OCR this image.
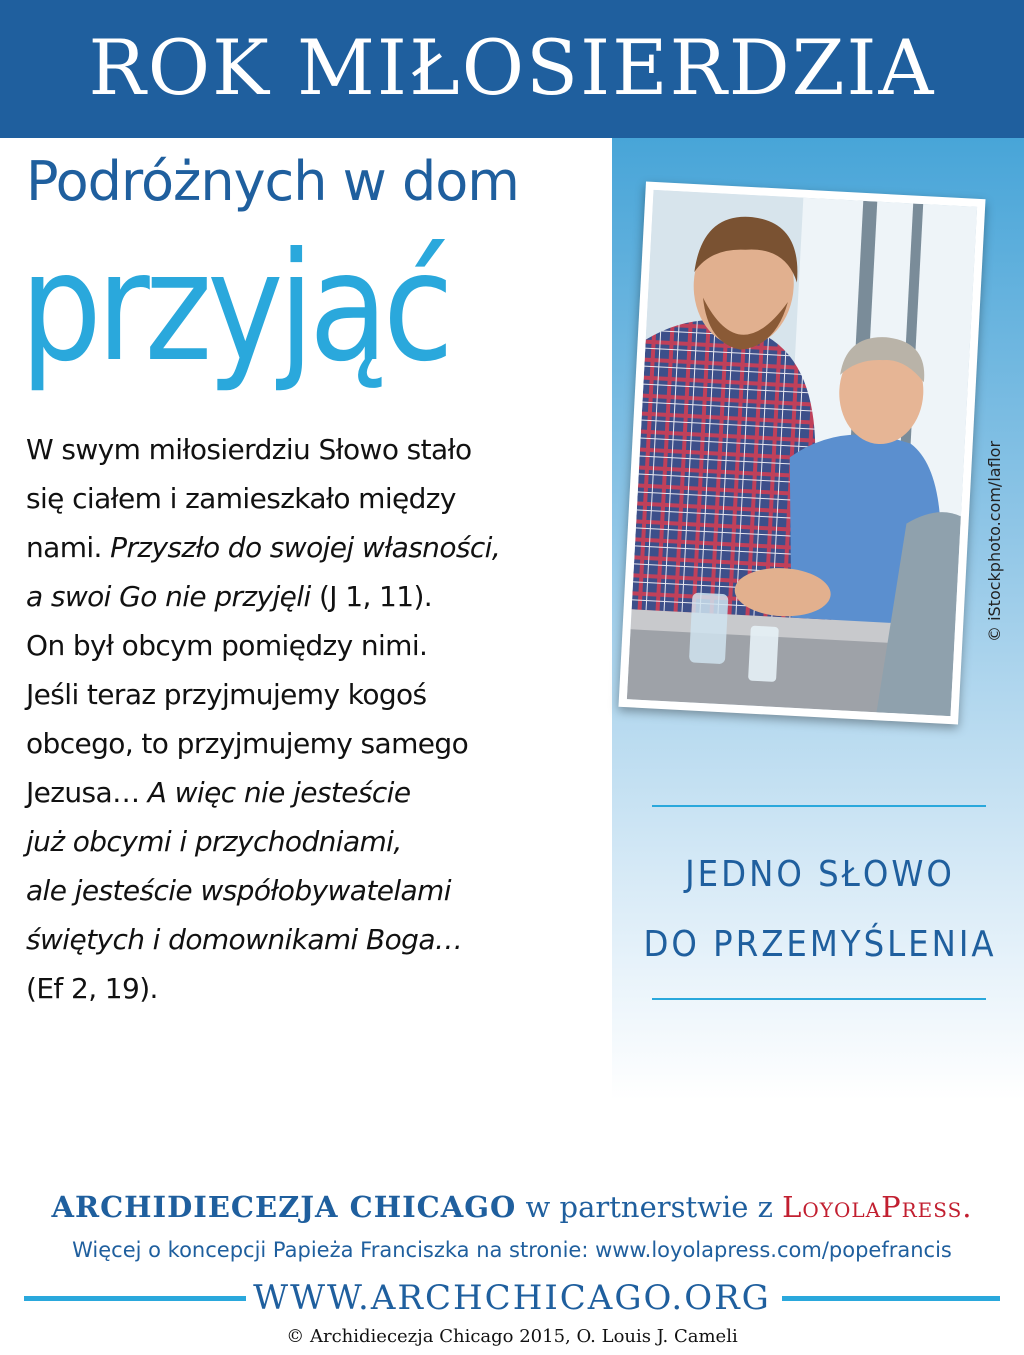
ROK MIŁOSIERDZIA
Podróżnych w dom
przyjąć

W swym miłosierdziu Słowo stało

się ciałem i zamieszkało między

nami. Przyszło do swojej własności,

a swoi Go nie przyjęli (J 1, 11).

On był obcym pomiędzy nimi.

Jeśli teraz przyjmujemy kogoś

obcego, to przyjmujemy samego

Jezusa… A więc nie jesteście

już obcymi i przychodniami,

ale jesteście współobywatelami

świętych i domownikami Boga…

(Ef 2, 19).

© iStockphoto.com/laflor
JEDNO SŁOWO
DO PRZEMYŚLENIA
ARCHIDIECEZJA CHICAGO w partnerstwie z LoyolaPress.
Więcej o koncepcji Papieża Franciszka na stronie: www.loyolapress.com/popefrancis
WWW.ARCHCHICAGO.ORG
© Archidiecezja Chicago 2015, O. Louis J. Cameli
